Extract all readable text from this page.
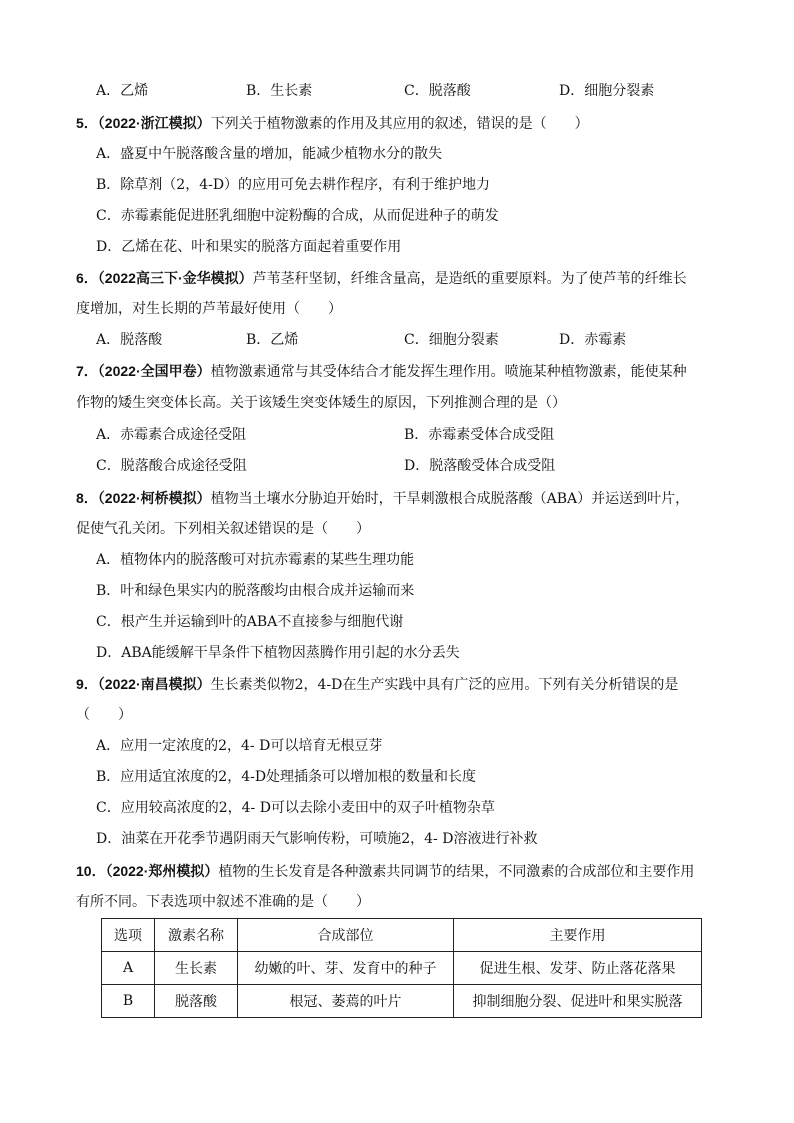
A．乙烯	B．生长素	C．脱落酸	D．细胞分裂素
5．（2022·浙江模拟）下列关于植物激素的作用及其应用的叙述，错误的是（　　）
A．盛夏中午脱落酸含量的增加，能减少植物水分的散失
B．除草剂（2，4-D）的应用可免去耕作程序，有利于维护地力
C．赤霉素能促进胚乳细胞中淀粉酶的合成，从而促进种子的萌发
D．乙烯在花、叶和果实的脱落方面起着重要作用
6．（2022高三下·金华模拟）芦苇茎秆坚韧，纤维含量高，是造纸的重要原料。为了使芦苇的纤维长
度增加，对生长期的芦苇最好使用（　　）
A．脱落酸	B．乙烯	C．细胞分裂素	D．赤霉素
7．（2022·全国甲卷）植物激素通常与其受体结合才能发挥生理作用。喷施某种植物激素，能使某种
作物的矮生突变体长高。关于该矮生突变体矮生的原因，下列推测合理的是（）
A．赤霉素合成途径受阻	B．赤霉素受体合成受阻
C．脱落酸合成途径受阻	D．脱落酸受体合成受阻
8．（2022·柯桥模拟）植物当土壤水分胁迫开始时，干旱刺激根合成脱落酸（ABA）并运送到叶片，
促使气孔关闭。下列相关叙述错误的是（　　）
A．植物体内的脱落酸可对抗赤霉素的某些生理功能
B．叶和绿色果实内的脱落酸均由根合成并运输而来
C．根产生并运输到叶的ABA不直接参与细胞代谢
D．ABA能缓解干旱条件下植物因蒸腾作用引起的水分丢失
9．（2022·南昌模拟）生长素类似物2，4-D在生产实践中具有广泛的应用。下列有关分析错误的是
（　　）
A．应用一定浓度的2，4- D可以培育无根豆芽
B．应用适宜浓度的2，4-D处理插条可以增加根的数量和长度
C．应用较高浓度的2，4- D可以去除小麦田中的双子叶植物杂草
D．油菜在开花季节遇阴雨天气影响传粉，可喷施2，4- D溶液进行补救
10．（2022·郑州模拟）植物的生长发育是各种激素共同调节的结果，不同激素的合成部位和主要作用
有所不同。下表选项中叙述不准确的是（　　）
选项	激素名称	合成部位	主要作用
A	生长素	幼嫩的叶、芽、发育中的种子	促进生根、发芽、防止落花落果
B	脱落酸	根冠、萎蔫的叶片	抑制细胞分裂、促进叶和果实脱落
